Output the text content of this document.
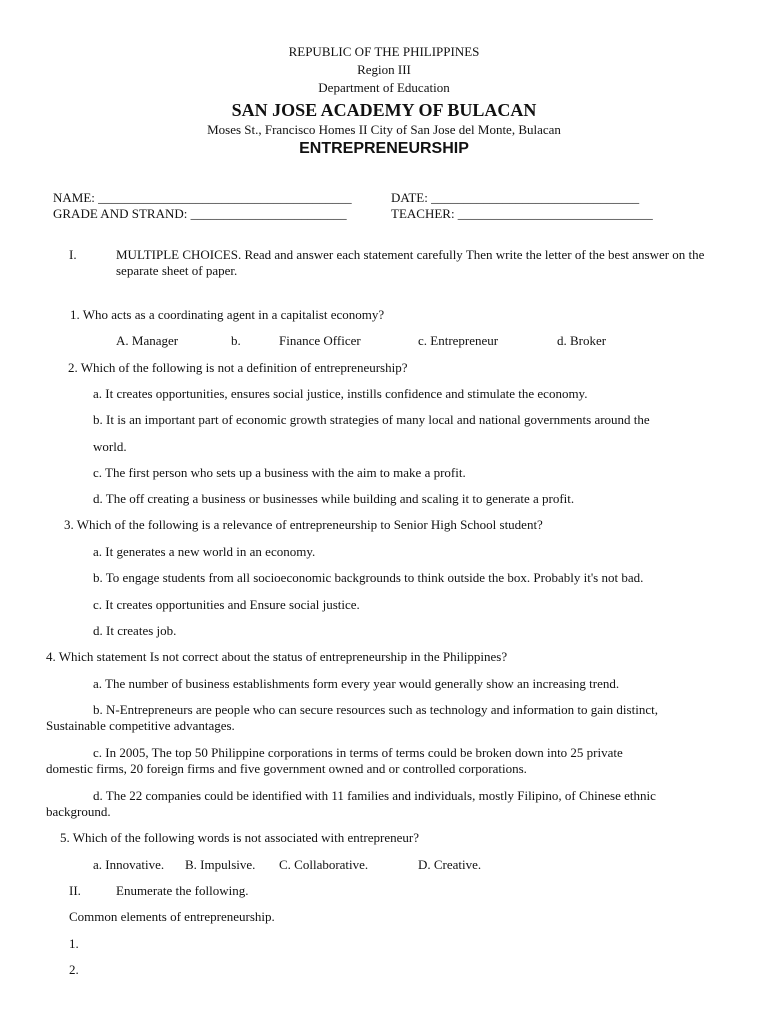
REPUBLIC OF THE PHILIPPINES
Region III
Department of Education
SAN JOSE ACADEMY OF BULACAN
Moses St., Francisco Homes II City of San Jose del Monte, Bulacan
ENTREPRENEURSHIP
NAME: _______________________________________	DATE: ________________________________
GRADE AND STRAND: ________________________	TEACHER: ______________________________
I.	MULTIPLE CHOICES. Read and answer each statement carefully Then write the letter of the best answer on the separate sheet of paper.
1. Who acts as a coordinating agent in a capitalist economy?
A. Manager	b.	Finance Officer	c. Entrepreneur	d. Broker
2. Which of the following is not a definition of entrepreneurship?
a. It creates opportunities, ensures social justice, instills confidence and stimulate the economy.
b. It is an important part of economic growth strategies of many local and national governments around the
world.
c. The first person who sets up a business with the aim to make a profit.
d. The off creating a business or businesses while building and scaling it to generate a profit.
3. Which of the following is a relevance of entrepreneurship to Senior High School student?
a. It generates a new world in an economy.
b. To engage students from all socioeconomic backgrounds to think outside the box. Probably it's not bad.
c. It creates opportunities and Ensure social justice.
d. It creates job.
4. Which statement Is not correct about the status of entrepreneurship in the Philippines?
a. The number of business establishments form every year would generally show an increasing trend.
b. N-Entrepreneurs are people who can secure resources such as technology and information to gain distinct,
Sustainable competitive advantages.
c. In 2005, The top 50 Philippine corporations in terms of terms could be broken down into 25 private
domestic firms, 20 foreign firms and five government owned and or controlled corporations.
d. The 22 companies could be identified with 11 families and individuals, mostly Filipino, of Chinese ethnic
background.
5. Which of the following words is not associated with entrepreneur?
a. Innovative. B. Impulsive. C. Collaborative.	D. Creative.
II.	Enumerate the following.
Common elements of entrepreneurship.
1.
2.
